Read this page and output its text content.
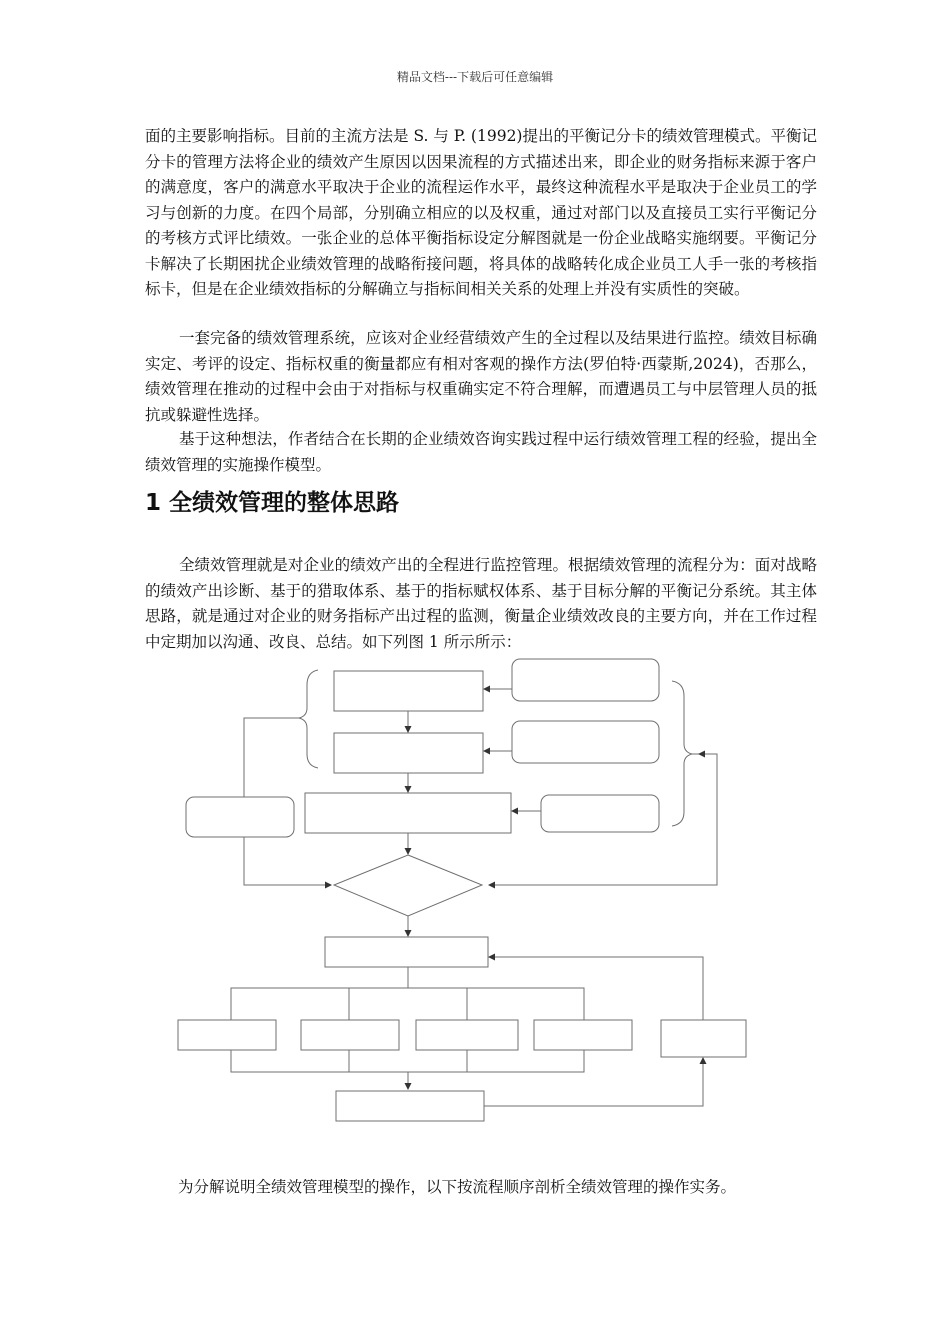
精品文档---下载后可任意编辑

面的主要影响指标。目前的主流方法是 S. 与 P. (1992)提出的平衡记分卡的绩效管理模式。平衡记分卡的管理方法将企业的绩效产生原因以因果流程的方式描述出来，即企业的财务指标来源于客户的满意度，客户的满意水平取决于企业的流程运作水平，最终这种流程水平是取决于企业员工的学习与创新的力度。在四个局部，分别确立相应的以及权重，通过对部门以及直接员工实行平衡记分的考核方式评比绩效。一张企业的总体平衡指标设定分解图就是一份企业战略实施纲要。平衡记分卡解决了长期困扰企业绩效管理的战略衔接问题，将具体的战略转化成企业员工人手一张的考核指标卡，但是在企业绩效指标的分解确立与指标间相关关系的处理上并没有实质性的突破。

一套完备的绩效管理系统，应该对企业经营绩效产生的全过程以及结果进行监控。绩效目标确实定、考评的设定、指标权重的衡量都应有相对客观的操作方法(罗伯特·西蒙斯,2024)，否那么，绩效管理在推动的过程中会由于对指标与权重确实定不符合理解，而遭遇员工与中层管理人员的抵抗或躲避性选择。

基于这种想法，作者结合在长期的企业绩效咨询实践过程中运行绩效管理工程的经验，提出全绩效管理的实施操作模型。

1 全绩效管理的整体思路

全绩效管理就是对企业的绩效产出的全程进行监控管理。根据绩效管理的流程分为：面对战略的绩效产出诊断、基于的猎取体系、基于的指标赋权体系、基于目标分解的平衡记分系统。其主体思路，就是通过对企业的财务指标产出过程的监测，衡量企业绩效改良的主要方向，并在工作过程中定期加以沟通、改良、总结。如下列图 1 所示所示：

为分解说明全绩效管理模型的操作，以下按流程顺序剖析全绩效管理的操作实务。
